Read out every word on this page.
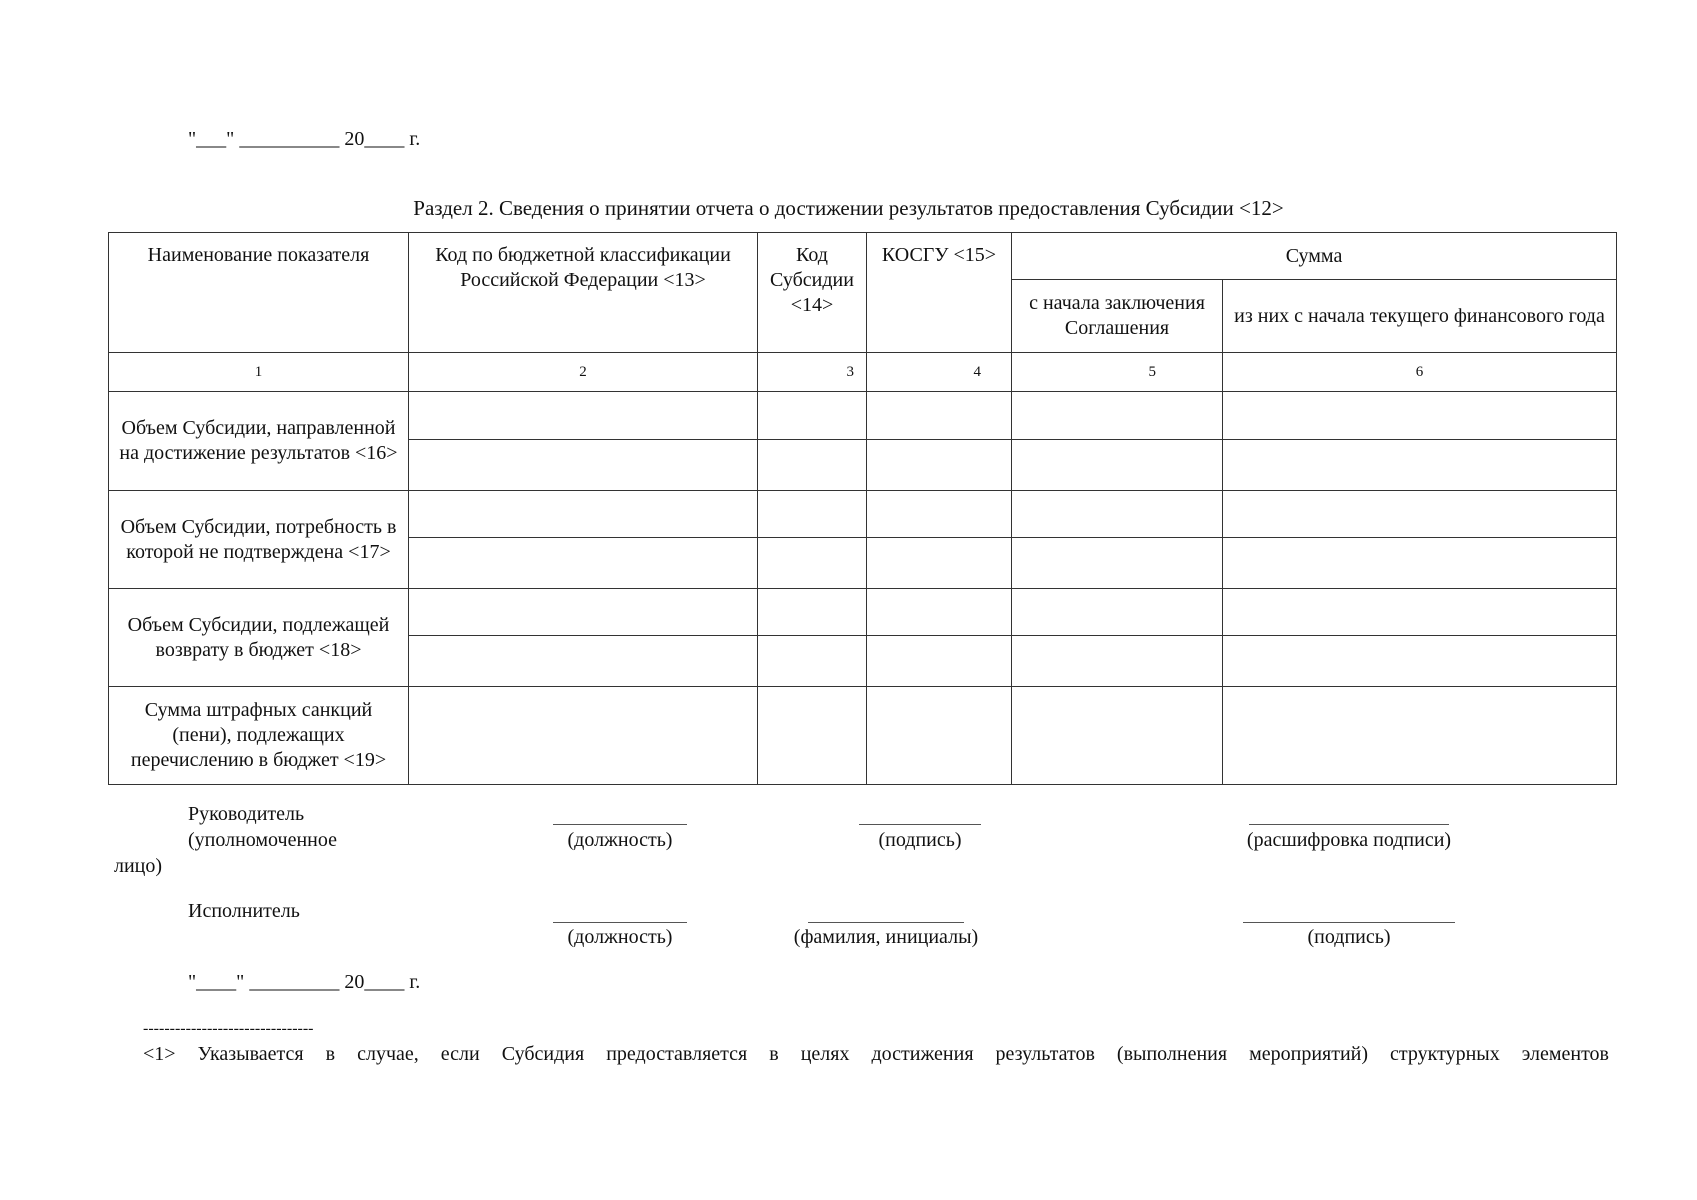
"___" __________ 20____ г.
Раздел 2. Сведения о принятии отчета о достижении результатов предоставления Субсидии <12>
Наименование показателя	Код по бюджетной классификации Российской Федерации <13>	Код Субсидии <14>	КОСГУ <15>	Сумма	
				с начала заключения Соглашения	из них с начала текущего финансового года
1	2	3	4	5	6
Объем Субсидии, направленной на достижение результатов <16>					

Объем Субсидии, потребность в которой не подтверждена <17>					

Объем Субсидии, подлежащей возврату в бюджет <18>					

Сумма штрафных санкций (пени), подлежащих перечислению в бюджет <19>					
Руководитель
(уполномоченное
лицо)
(должность)	(подпись)	(расшифровка подписи)
Исполнитель
(должность)	(фамилия, инициалы)	(подпись)
"____" _________ 20____ г.
--------------------------------
<1> Указывается в случае, если Субсидия предоставляется в целях достижения результатов (выполнения мероприятий) структурных элементов
